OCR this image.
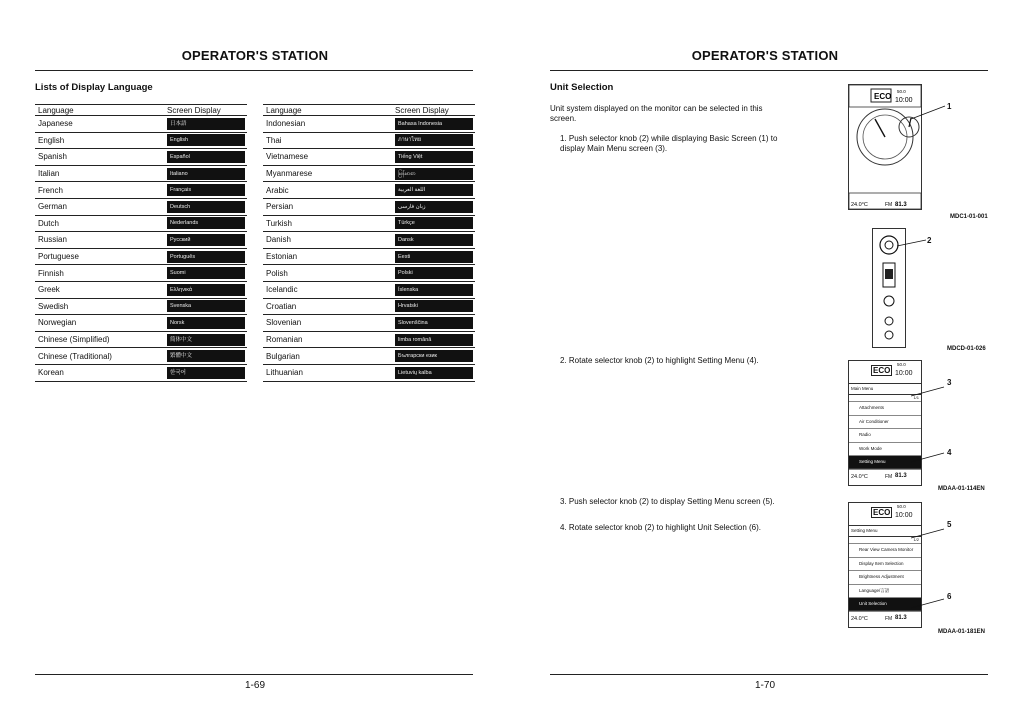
OPERATOR'S STATION
Lists of Display Language
Language	Screen Display
Japanese	日本語

English	English

Spanish	Español

Italian	Italiano

French	Français

German	Deutsch

Dutch	Nederlands

Russian	Русский

Portuguese	Português

Finnish	Suomi

Greek	Ελληνικά

Swedish	Svenska

Norwegian	Norsk

Chinese (Simplified)	简体中文

Chinese (Traditional)	繁體中文

Korean	한국어
Language	Screen Display
Indonesian	Bahasa Indonesia

Thai	ภาษาไทย

Vietnamese	Tiếng Việt

Myanmarese	မြန်မာစာ

Arabic	اللغة العربية

Persian	زبان فارسی

Turkish	Türkçe

Danish	Dansk

Estonian	Eesti

Polish	Polski

Icelandic	Íslenska

Croatian	Hrvatski

Slovenian	Slovenščina

Romanian	limba română

Bulgarian	Български език

Lithuanian	Lietuvių kalba
1-69
OPERATOR'S STATION
Unit Selection
Unit system displayed on the monitor can be selected in this screen.
1. Push selector knob (2) while displaying Basic Screen (1) to display Main Menu screen (3).
2. Rotate selector knob (2) to highlight Setting Menu (4).
3. Push selector knob (2) to display Setting Menu screen (5).
4. Rotate selector knob (2) to highlight Unit Selection (6).
ECO
50.0
10:00
24.0°C	FM 81.3
1
MDC1-01-001
2
MDCD-01-026
ECO
50.0
10:00
Main Menu
1/1
Attachments
Air Conditioner
Radio
Work Mode
Setting Menu
24.0°C	FM 81.3
3
4
MDAA-01-114EN
ECO
50.0
10:00
Setting Menu
1/2
Rear View Camera Monitor
Display Item Selection
Brightness Adjustment
Language/言語
Unit Selection
24.0°C	FM 81.3
5
6
MDAA-01-181EN
1-70
